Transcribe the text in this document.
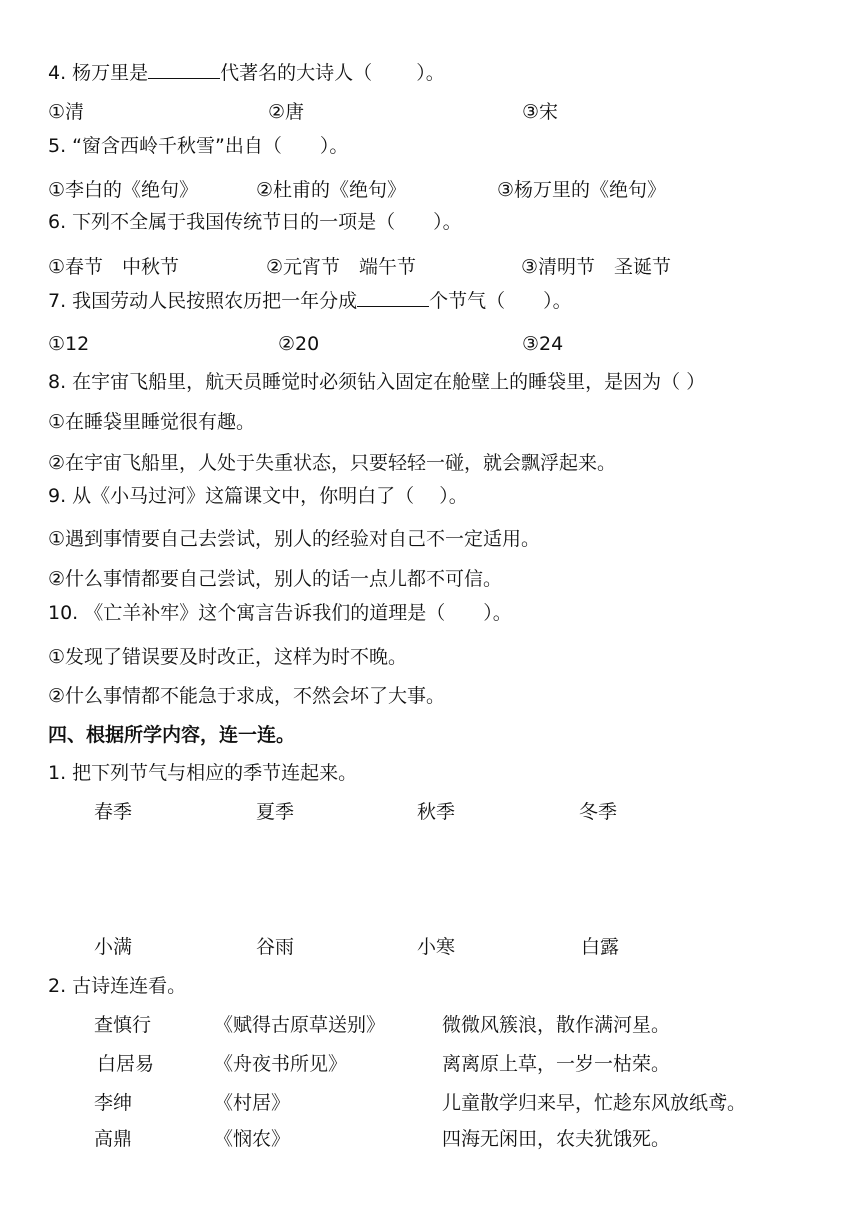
4. 杨万里是	代著名的大诗人（　　 ）。
①清	②唐	③宋
5. “窗含西岭千秋雪”出自（　　）。
①李白的《绝句》	②杜甫的《绝句》	③杨万里的《绝句》
6. 下列不全属于我国传统节日的一项是（　　）。
①春节　中秋节	②元宵节　端午节	③清明节　圣诞节
7. 我国劳动人民按照农历把一年分成	个节气（　　）。
①12	②20	③24
8. 在宇宙飞船里，航天员睡觉时必须钻入固定在舱壁上的睡袋里，是因为（ ）
①在睡袋里睡觉很有趣。
②在宇宙飞船里，人处于失重状态，只要轻轻一碰，就会飘浮起来。
9. 从《小马过河》这篇课文中，你明白了（　 ）。
①遇到事情要自己去尝试，别人的经验对自己不一定适用。
②什么事情都要自己尝试，别人的话一点儿都不可信。
10. 《亡羊补牢》这个寓言告诉我们的道理是（　　）。
①发现了错误要及时改正，这样为时不晚。
②什么事情都不能急于求成，不然会坏了大事。
四、根据所学内容，连一连。
1. 把下列节气与相应的季节连起来。
春季	夏季	秋季	冬季
小满	谷雨	小寒	白露
2. 古诗连连看。
查慎行	《赋得古原草送别》	微微风簇浪，散作满河星。
白居易	《舟夜书所见》	离离原上草，一岁一枯荣。
李绅	《村居》	儿童散学归来早，忙趁东风放纸鸢。
高鼎	《悯农》	四海无闲田，农夫犹饿死。
